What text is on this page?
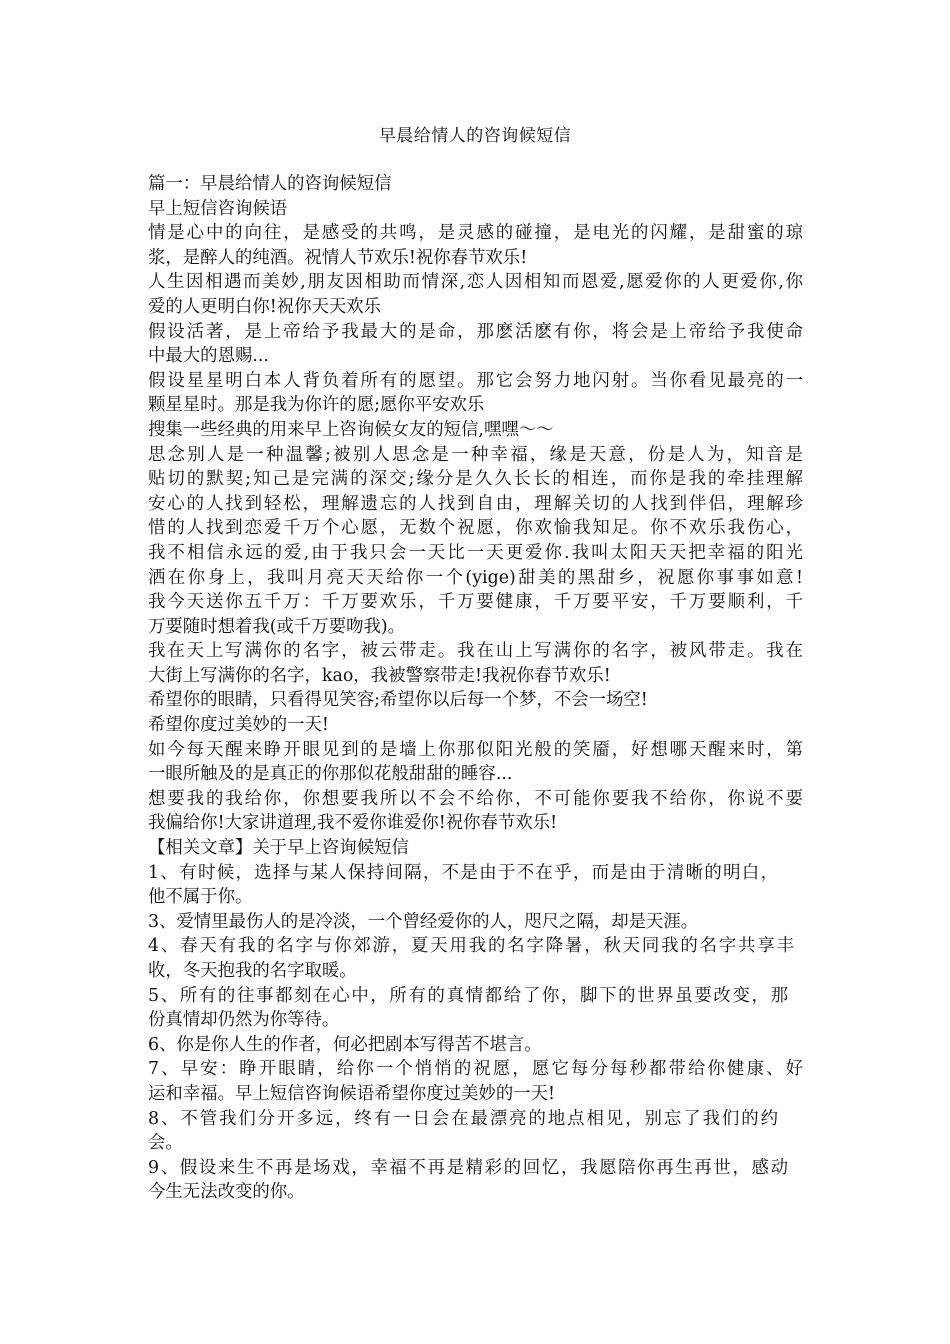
早晨给情人的咨询候短信
篇一：早晨给情人的咨询候短信
早上短信咨询候语
情是心中的向往，是感受的共鸣，是灵感的碰撞，是电光的闪耀，是甜蜜的琼
浆，是醉人的纯酒。祝情人节欢乐!祝你春节欢乐!
人生因相遇而美妙,朋友因相助而情深,恋人因相知而恩爱,愿爱你的人更爱你,你
爱的人更明白你!祝你天天欢乐
假设活著，是上帝给予我最大的是命，那麽活麽有你，将会是上帝给予我使命
中最大的恩赐...
假设星星明白本人背负着所有的愿望。那它会努力地闪射。当你看见最亮的一
颗星星时。那是我为你许的愿;愿你平安欢乐
搜集一些经典的用来早上咨询候女友的短信,嘿嘿～～
思念别人是一种温馨;被别人思念是一种幸福，缘是天意，份是人为，知音是
贴切的默契;知己是完满的深交;缘分是久久长长的相连，而你是我的牵挂理解
安心的人找到轻松，理解遗忘的人找到自由，理解关切的人找到伴侣，理解珍
惜的人找到恋爱千万个心愿，无数个祝愿，你欢愉我知足。你不欢乐我伤心，
我不相信永远的爱,由于我只会一天比一天更爱你.我叫太阳天天把幸福的阳光
洒在你身上，我叫月亮天天给你一个(yige)甜美的黑甜乡，祝愿你事事如意!
我今天送你五千万：千万要欢乐，千万要健康，千万要平安，千万要顺利，千
万要随时想着我(或千万要吻我)。
我在天上写满你的名字，被云带走。我在山上写满你的名字，被风带走。我在
大街上写满你的名字，kao，我被警察带走!我祝你春节欢乐!
希望你的眼睛，只看得见笑容;希望你以后每一个梦，不会一场空!
希望你度过美妙的一天!
如今每天醒来睁开眼见到的是墙上你那似阳光般的笑靥，好想哪天醒来时，第
一眼所触及的是真正的你那似花般甜甜的睡容...
想要我的我给你，你想要我所以不会不给你，不可能你要我不给你，你说不要
我偏给你!大家讲道理,我不爱你谁爱你!祝你春节欢乐!
【相关文章】关于早上咨询候短信
1、有时候，选择与某人保持间隔，不是由于不在乎，而是由于清晰的明白，
他不属于你。
3、爱情里最伤人的是冷淡，一个曾经爱你的人，咫尺之隔，却是天涯。
4、春天有我的名字与你郊游，夏天用我的名字降暑，秋天同我的名字共享丰
收，冬天抱我的名字取暖。
5、所有的往事都刻在心中，所有的真情都给了你，脚下的世界虽要改变，那
份真情却仍然为你等待。
6、你是你人生的作者，何必把剧本写得苦不堪言。
7、早安：睁开眼睛，给你一个悄悄的祝愿，愿它每分每秒都带给你健康、好
运和幸福。早上短信咨询候语希望你度过美妙的一天!
8、不管我们分开多远，终有一日会在最漂亮的地点相见，别忘了我们的约
会。
9、假设来生不再是场戏，幸福不再是精彩的回忆，我愿陪你再生再世，感动
今生无法改变的你。
